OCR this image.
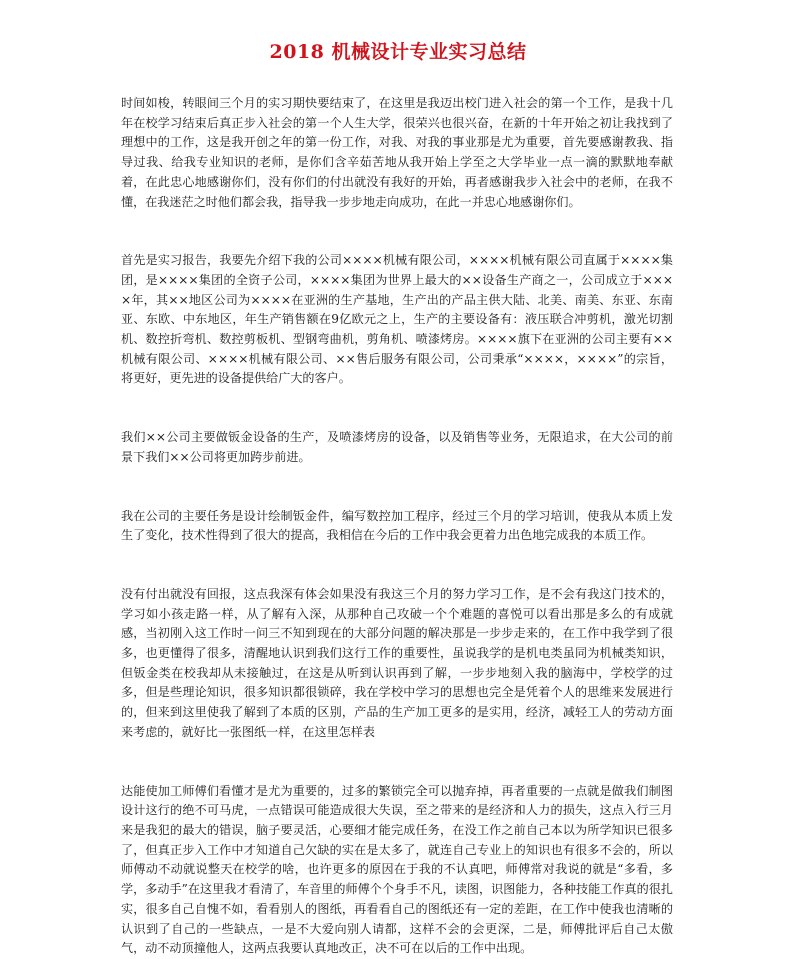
2018 机械设计专业实习总结

时间如梭，转眼间三个月的实习期快要结束了，在这里是我迈出校门进入社会的第一个工作，是我十几年在校学习结束后真正步入社会的第一个人生大学，很荣兴也很兴奋，在新的十年开始之初让我找到了理想中的工作，这是我开创之年的第一份工作，对我、对我的事业那是尤为重要，首先要感谢教我、指导过我、给我专业知识的老师，是你们含辛茹苦地从我开始上学至之大学毕业一点一滴的默默地奉献着，在此忠心地感谢你们，没有你们的付出就没有我好的开始，再者感谢我步入社会中的老师，在我不懂，在我迷茫之时他们都会我，指导我一步步地走向成功，在此一并忠心地感谢你们。

首先是实习报告，我要先介绍下我的公司××××机械有限公司，××××机械有限公司直属于××××集团，是××××集团的全资子公司，××××集团为世界上最大的××设备生产商之一，公司成立于××××年，其××地区公司为××××在亚洲的生产基地，生产出的产品主供大陆、北美、南美、东亚、东南亚、东欧、中东地区，年生产销售额在9亿欧元之上，生产的主要设备有：液压联合冲剪机，激光切割机、数控折弯机、数控剪板机、型钢弯曲机，剪角机、喷漆烤房。××××旗下在亚洲的公司主要有××机械有限公司、××××机械有限公司、××售后服务有限公司，公司秉承“××××，××××”的宗旨，将更好，更先进的设备提供给广大的客户。

我们××公司主要做钣金设备的生产，及喷漆烤房的设备，以及销售等业务，无限追求，在大公司的前景下我们××公司将更加跨步前进。

我在公司的主要任务是设计绘制钣金件，编写数控加工程序，经过三个月的学习培训，使我从本质上发生了变化，技术性得到了很大的提高，我相信在今后的工作中我会更着力出色地完成我的本质工作。

没有付出就没有回报，这点我深有体会如果没有我这三个月的努力学习工作，是不会有我这门技术的，学习如小孩走路一样，从了解有入深，从那种自己攻破一个个难题的喜悦可以看出那是多么的有成就感，当初刚入这工作时一问三不知到现在的大部分问题的解决那是一步步走来的，在工作中我学到了很多，也更懂得了很多，清醒地认识到我们这行工作的重要性，虽说我学的是机电类虽同为机械类知识，但钣金类在校我却从未接触过，在这是从听到认识再到了解，一步步地刻入我的脑海中，学校学的过多，但是些理论知识，很多知识都很锁碎，我在学校中学习的思想也完全是凭着个人的思维来发展进行的，但来到这里使我了解到了本质的区别，产品的生产加工更多的是实用，经济，减轻工人的劳动方面来考虑的，就好比一张图纸一样，在这里怎样表

达能使加工师傅们看懂才是尤为重要的，过多的繁锁完全可以抛弃掉，再者重要的一点就是做我们制图设计这行的绝不可马虎，一点错误可能造成很大失误，至之带来的是经济和人力的损失，这点入行三月来是我犯的最大的错误，脑子要灵活，心要细才能完成任务，在没工作之前自己本以为所学知识已很多了，但真正步入工作中才知道自己欠缺的实在是太多了，就连自己专业上的知识也有很多不会的，所以师傅动不动就说整天在校学的啥，也许更多的原因在于我的不认真吧，师傅常对我说的就是“多看，多学，多动手”在这里我才看清了，车音里的师傅个个身手不凡，读图，识图能力，各种技能工作真的很扎实，很多自己自愧不如，看看别人的图纸，再看看自己的图纸还有一定的差距，在工作中使我也清晰的认识到了自己的一些缺点，一是不大爱向别人请都，这样不会的会更深，二是，师傅批评后自己太傲气，动不动顶撞他人，这两点我要认真地改正，决不可在以后的工作中出现。
